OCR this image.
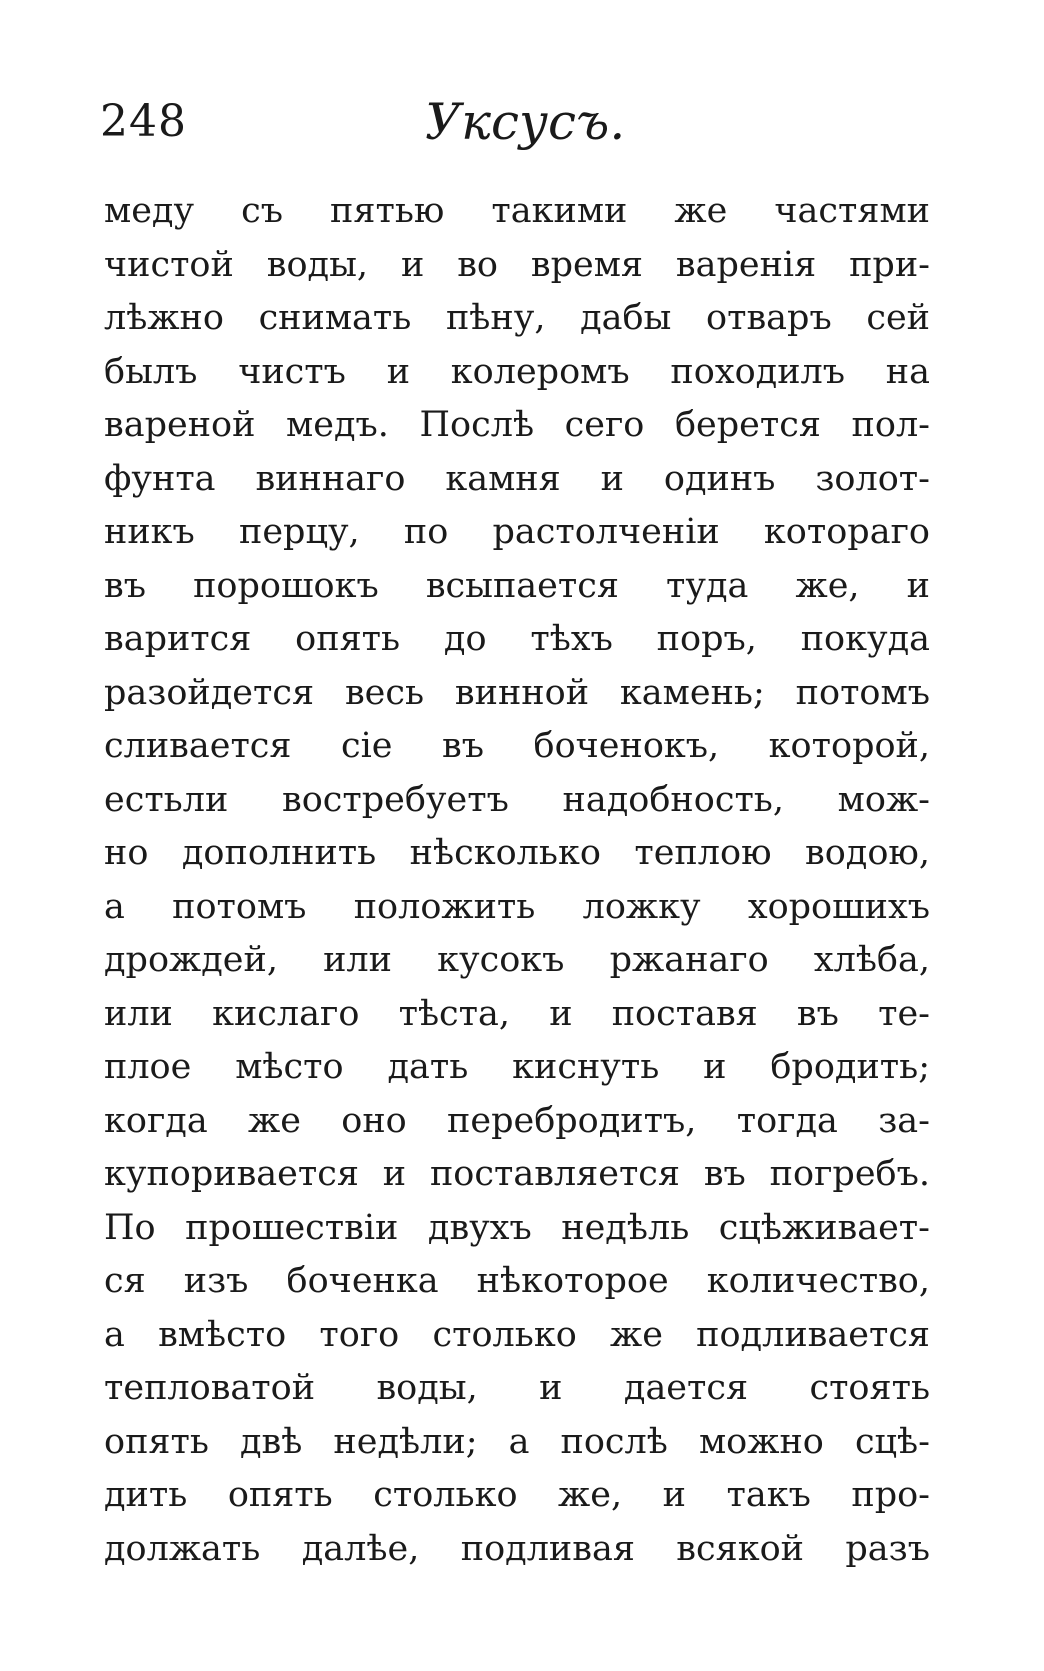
248	Уксусъ.
меду съ пятью такими же частями
чистой воды, и во время варенія при-
лѣжно снимать пѣну, дабы отваръ сей
былъ чистъ и колеромъ походилъ на
вареной медъ. Послѣ сего берется пол-
фунта виннаго камня и одинъ золот-
никъ перцу, по растолченіи котораго
въ порошокъ всыпается туда же, и
варится опять до тѣхъ поръ, покуда
разойдется весь винной камень; потомъ
сливается сіе въ боченокъ, которой,
естьли востребуетъ надобность, мож-
но дополнить нѣсколько теплою водою,
а потомъ положить ложку хорошихъ
дрождей, или кусокъ ржанаго хлѣба,
или кислаго тѣста, и поставя въ те-
плое мѣсто дать киснуть и бродить;
когда же оно перебродитъ, тогда за-
купоривается и поставляется въ погребъ.
По прошествіи двухъ недѣль сцѣживает-
ся изъ боченка нѣкоторое количество,
а вмѣсто того столько же подливается
тепловатой воды, и дается стоять
опять двѣ недѣли; а послѣ можно сцѣ-
дить опять столько же, и такъ про-
должать далѣе, подливая всякой разъ
